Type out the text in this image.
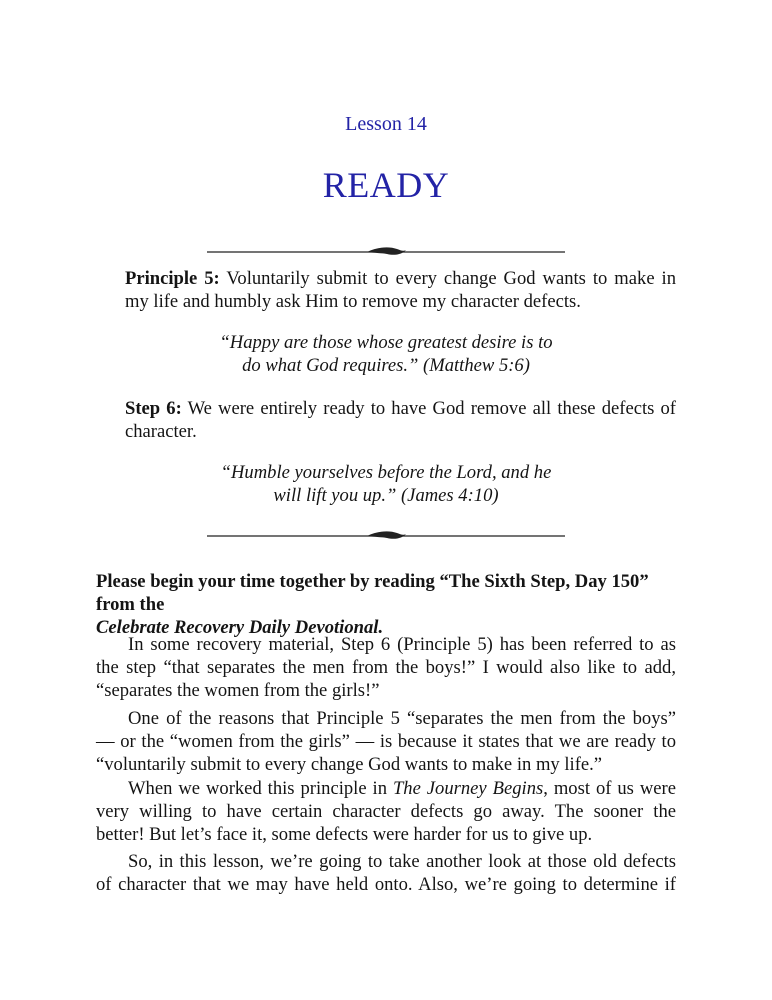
Lesson 14
READY
Principle 5: Voluntarily submit to every change God wants to make in my life and humbly ask Him to remove my character defects.
“Happy are those whose greatest desire is to
do what God requires.” (Matthew 5:6)
Step 6: We were entirely ready to have God remove all these defects of character.
“Humble yourselves before the Lord, and he
will lift you up.” (James 4:10)
Please begin your time together by reading “The Sixth Step, Day 150”
from the
Celebrate Recovery Daily Devotional.
In some recovery material, Step 6 (Principle 5) has been referred to as
the step “that separates the men from the boys!” I would also like to add,
“separates the women from the girls!”
One of the reasons that Principle 5 “separates the men from the boys”
— or the “women from the girls” — is because it states that we are ready to
“voluntarily submit to every change God wants to make in my life.”
When we worked this principle in The Journey Begins, most of us were
very willing to have certain character defects go away. The sooner the
better! But let’s face it, some defects were harder for us to give up.
So, in this lesson, we’re going to take another look at those old defects
of character that we may have held onto. Also, we’re going to determine if
